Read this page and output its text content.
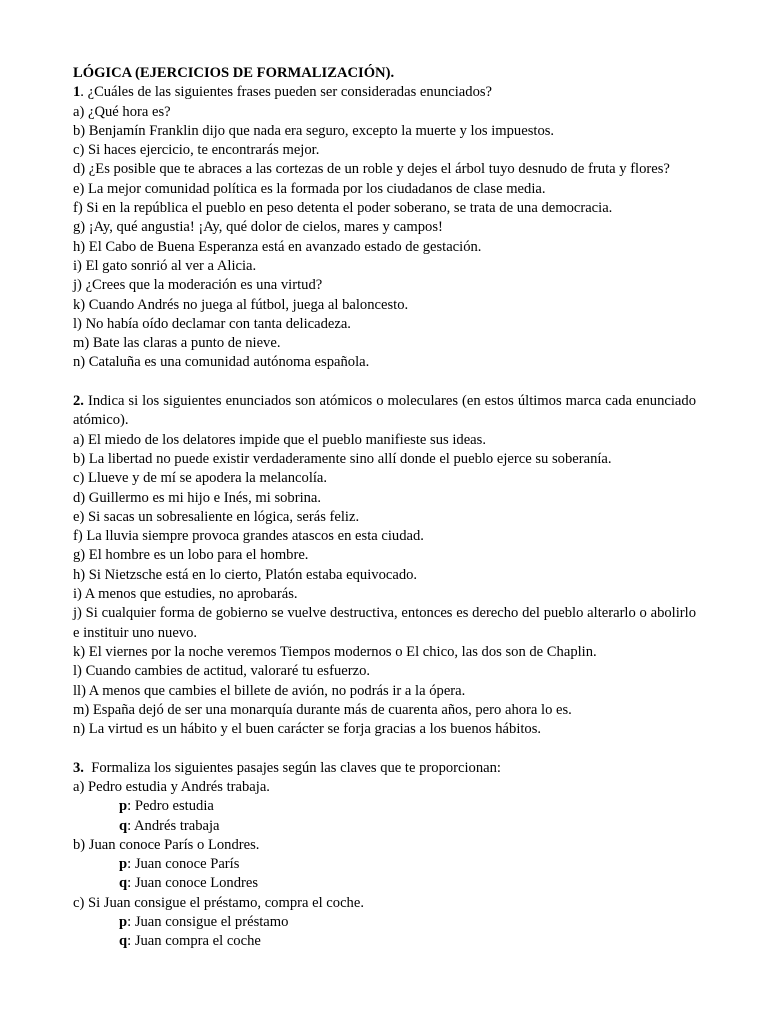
LÓGICA (EJERCICIOS DE FORMALIZACIÓN).
1. ¿Cuáles de las siguientes frases pueden ser consideradas enunciados?
a) ¿Qué hora es?
b) Benjamín Franklin dijo que nada era seguro, excepto la muerte y los impuestos.
c) Si haces ejercicio, te encontrarás mejor.
d) ¿Es posible que te abraces a las cortezas de un roble y dejes el árbol tuyo desnudo de fruta y flores?
e) La mejor comunidad política es la formada por los ciudadanos de clase media.
f) Si en la república el pueblo en peso detenta el poder soberano, se trata de una democracia.
g) ¡Ay, qué angustia! ¡Ay, qué dolor de cielos, mares y campos!
h) El Cabo de Buena Esperanza está en avanzado estado de gestación.
i) El gato sonrió al ver a Alicia.
j) ¿Crees que la moderación es una virtud?
k) Cuando Andrés no juega al fútbol, juega al baloncesto.
l) No había oído declamar con tanta delicadeza.
m) Bate las claras a punto de nieve.
n) Cataluña es una comunidad autónoma española.
2. Indica si los siguientes enunciados son atómicos o moleculares (en estos últimos marca cada enunciado atómico).
a) El miedo de los delatores impide que el pueblo manifieste sus ideas.
b) La libertad no puede existir verdaderamente sino allí donde el pueblo ejerce su soberanía.
c) Llueve y de mí se apodera la melancolía.
d) Guillermo es mi hijo e Inés, mi sobrina.
e) Si sacas un sobresaliente en lógica, serás feliz.
f) La lluvia siempre provoca grandes atascos en esta ciudad.
g) El hombre es un lobo para el hombre.
h) Si Nietzsche está en lo cierto, Platón estaba equivocado.
i) A menos que estudies, no aprobarás.
j) Si cualquier forma de gobierno se vuelve destructiva, entonces es derecho del pueblo alterarlo o abolirlo e instituir uno nuevo.
k) El viernes por la noche veremos Tiempos modernos o El chico, las dos son de Chaplin.
l) Cuando cambies de actitud, valoraré tu esfuerzo.
ll) A menos que cambies el billete de avión, no podrás ir a la ópera.
m) España dejó de ser una monarquía durante más de cuarenta años, pero ahora lo es.
n) La virtud es un hábito y el buen carácter se forja gracias a los buenos hábitos.
3.  Formaliza los siguientes pasajes según las claves que te proporcionan:
a) Pedro estudia y Andrés trabaja.
p: Pedro estudia
q: Andrés trabaja
b) Juan conoce París o Londres.
p: Juan conoce París
q: Juan conoce Londres
c) Si Juan consigue el préstamo, compra el coche.
p: Juan consigue el préstamo
q: Juan compra el coche
